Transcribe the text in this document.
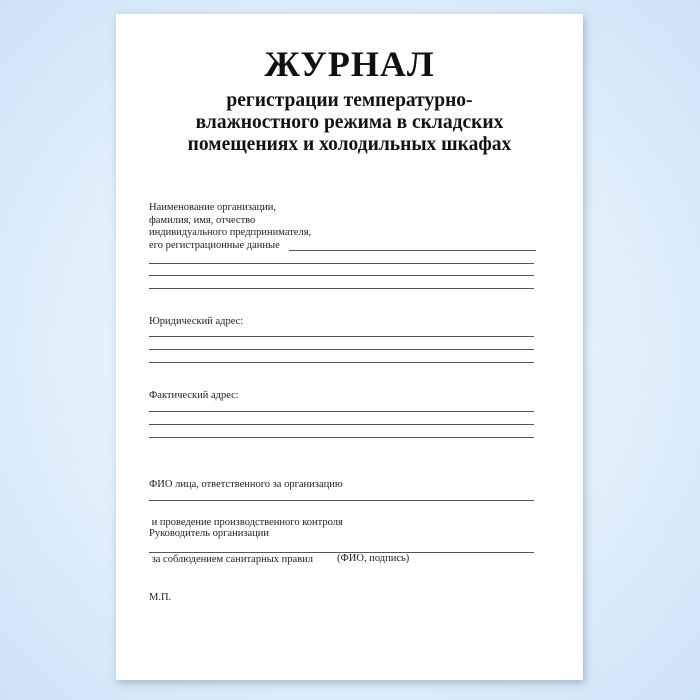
ЖУРНАЛ
регистрации температурно-
влажностного режима в складских
помещениях и холодильных шкафах
Наименование организации,
фамилия, имя, отчество
индивидуального предпринимателя,
его регистрационные данные
Юридический адрес:
Фактический адрес:

ФИО лица, ответственного за организацию

и проведение производственного контроля

за соблюдением санитарных правил

Руководитель организации
(ФИО, подпись)
М.П.
